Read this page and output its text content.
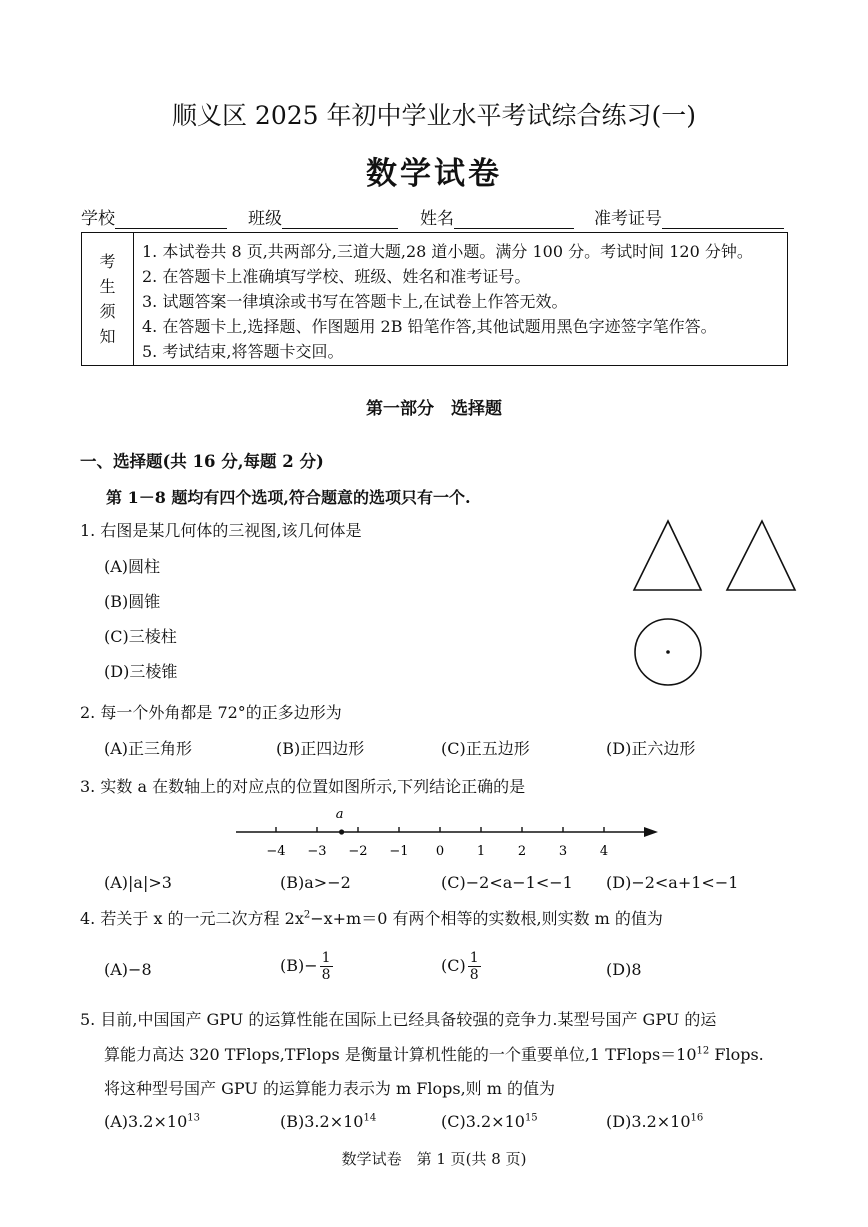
顺义区 2025 年初中学业水平考试综合练习(一)
数学试卷
学校	班级	姓名	准考证号
考
生
须
知
1. 本试卷共 8 页,共两部分,三道大题,28 道小题。满分 100 分。考试时间 120 分钟。
2. 在答题卡上准确填写学校、班级、姓名和准考证号。
3. 试题答案一律填涂或书写在答题卡上,在试卷上作答无效。
4. 在答题卡上,选择题、作图题用 2B 铅笔作答,其他试题用黑色字迹签字笔作答。
5. 考试结束,将答题卡交回。
第一部分　选择题
一、选择题(共 16 分,每题 2 分)
第 1－8 题均有四个选项,符合题意的选项只有一个.
1. 右图是某几何体的三视图,该几何体是
(A)圆柱
(B)圆锥
(C)三棱柱
(D)三棱锥
2. 每一个外角都是 72°的正多边形为
(A)正三角形	(B)正四边形	(C)正五边形	(D)正六边形
3. 实数 a 在数轴上的对应点的位置如图所示,下列结论正确的是
−4 −3 −2 −1 0	1	2	3	4
a
(A)|a|>3	(B)a>−2	(C)−2<a−1<−1 (D)−2<a+1<−1
4. 若关于 x 的一元二次方程 $2x^2-x+m=0$ 有两个相等的实数根,则实数 m 的值为
(A)−8	$(B)- \frac{1}{8}$	$(C) \frac{1}{8}$	(D)8
5. 目前,中国国产 GPU 的运算性能在国际上已经具备较强的竞争力.某型号国产 GPU 的运
算能力高达 320 TFlops,TFlops 是衡量计算机性能的一个重要单位,1 $TFlops=10^{12}$ Flops.
将这种型号国产 GPU 的运算能力表示为 m Flops,则 m 的值为
$(A)3.2\times 10^{13}$	$(B)3.2\times 10^{14}$	$(C)3.2\times 10^{15}$	$(D)3.2\times 10^{16}$
数学试卷　第 1 页(共 8 页)
